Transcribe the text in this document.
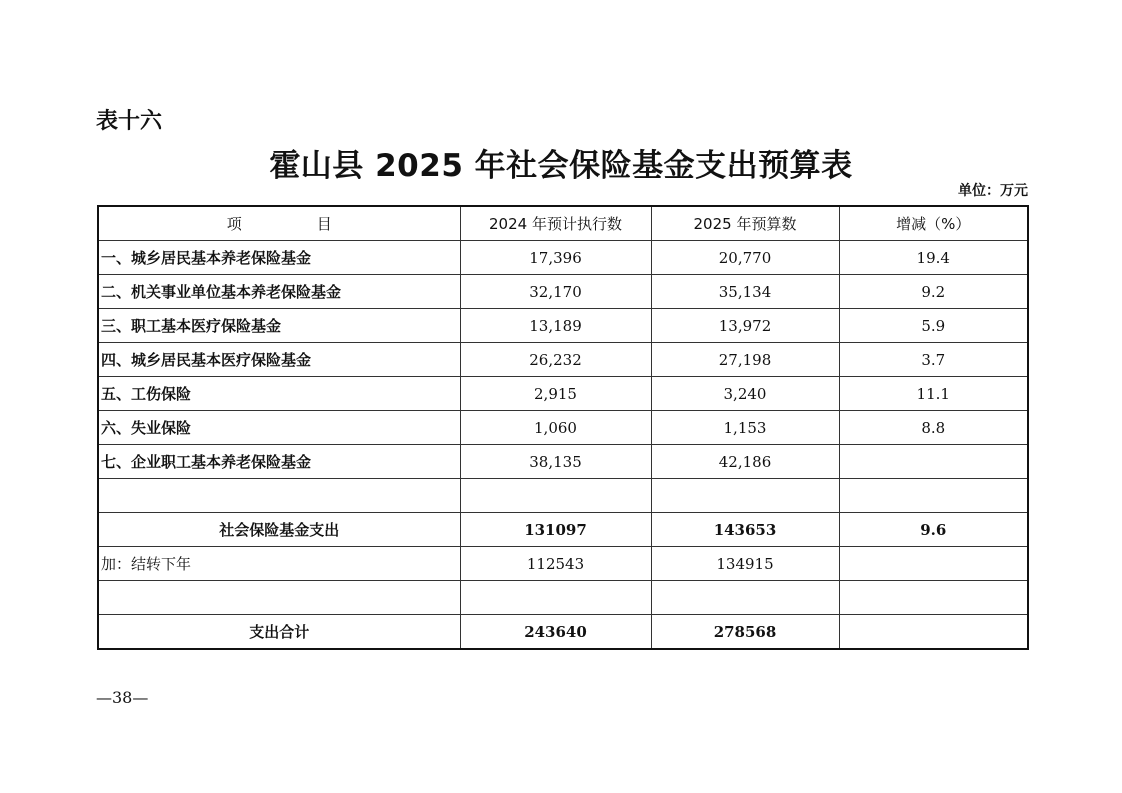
表十六
霍山县 2025 年社会保险基金支出预算表
单位：万元
项　　　　　目	2024 年预计执行数	2025 年预算数	增减（%）
一、城乡居民基本养老保险基金	17,396	20,770	19.4
二、机关事业单位基本养老保险基金	32,170	35,134	9.2
三、职工基本医疗保险基金	13,189	13,972	5.9
四、城乡居民基本医疗保险基金	26,232	27,198	3.7
五、工伤保险	2,915	3,240	11.1
六、失业保险	1,060	1,153	8.8
七、企业职工基本养老保险基金	38,135	42,186	

社会保险基金支出	131097	143653	9.6
加：结转下年	112543	134915	

支出合计	243640	278568	
—38—
